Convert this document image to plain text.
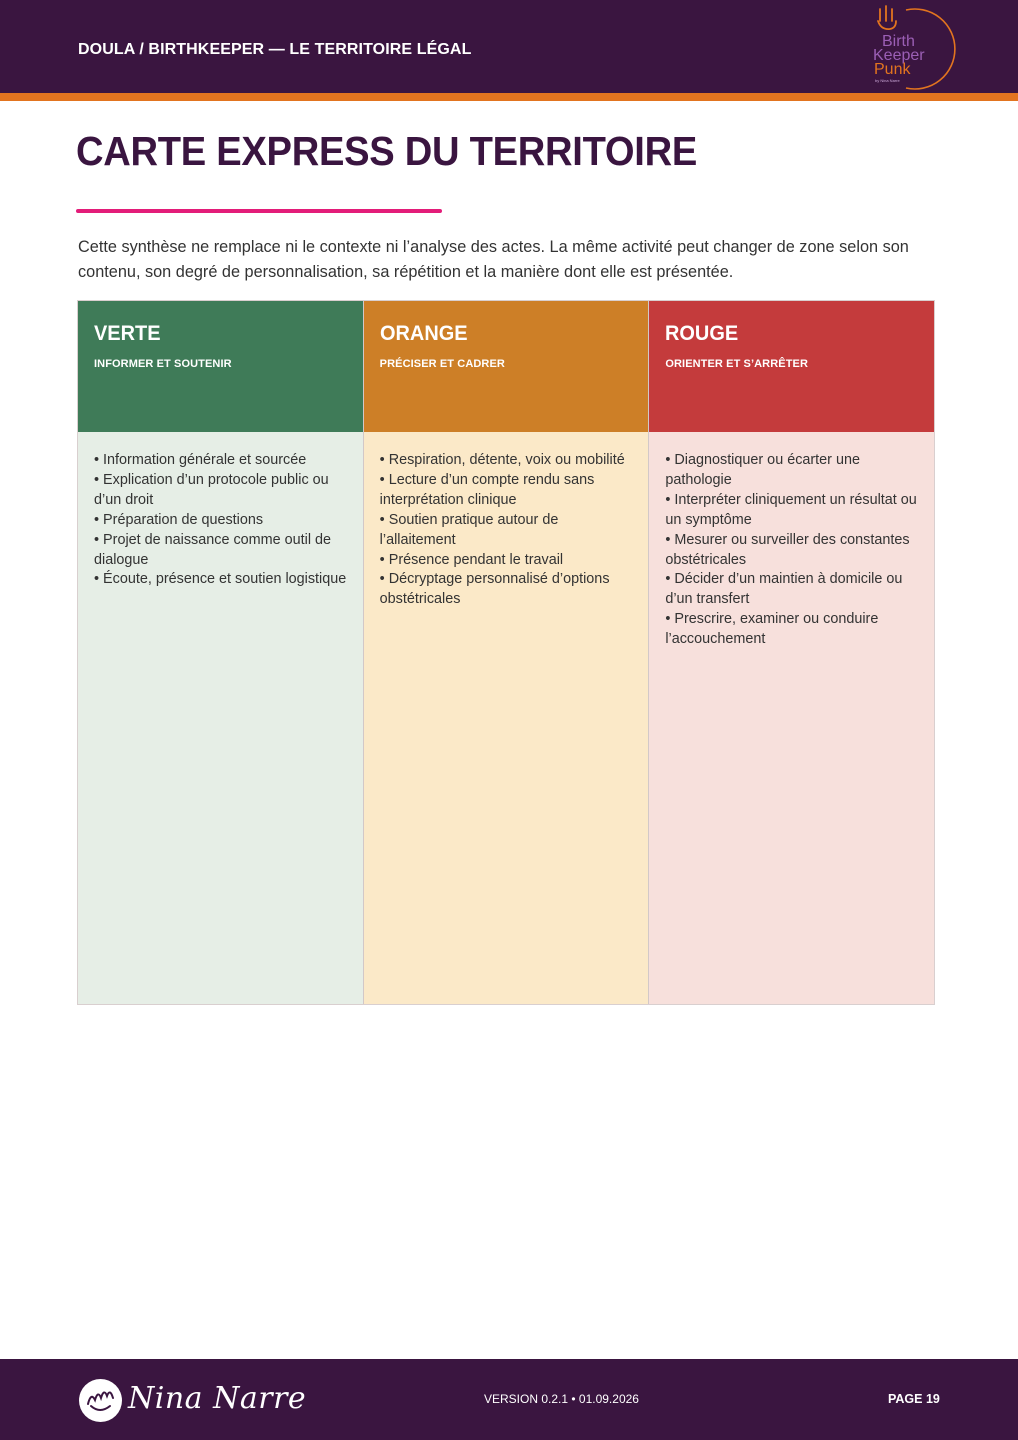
DOULA / BIRTHKEEPER — LE TERRITOIRE LÉGAL	Birth
Keeper
Punk
by Nina Narre
CARTE EXPRESS DU TERRITOIRE

Cette synthèse ne remplace ni le contexte ni l’analyse des actes. La même activité peut changer de zone selon son contenu, son degré de personnalisation, sa répétition et la manière dont elle est présentée.

VERTE
INFORMER ET SOUTENIR
• Information générale et sourcée
• Explication d’un protocole public ou d’un droit
• Préparation de questions
• Projet de naissance comme outil de dialogue
• Écoute, présence et soutien logistique
ORANGE
PRÉCISER ET CADRER
• Respiration, détente, voix ou mobilité
• Lecture d’un compte rendu sans interprétation clinique
• Soutien pratique autour de l’allaitement
• Présence pendant le travail
• Décryptage personnalisé d’options obstétricales
ROUGE
ORIENTER ET S’ARRÊTER
• Diagnostiquer ou écarter une pathologie
• Interpréter cliniquement un résultat ou un symptôme
• Mesurer ou surveiller des constantes obstétricales
• Décider d’un maintien à domicile ou d’un transfert
• Prescrire, examiner ou conduire l’accouchement
Nina Narre	VERSION 0.2.1 • 01.09.2026	PAGE 19
